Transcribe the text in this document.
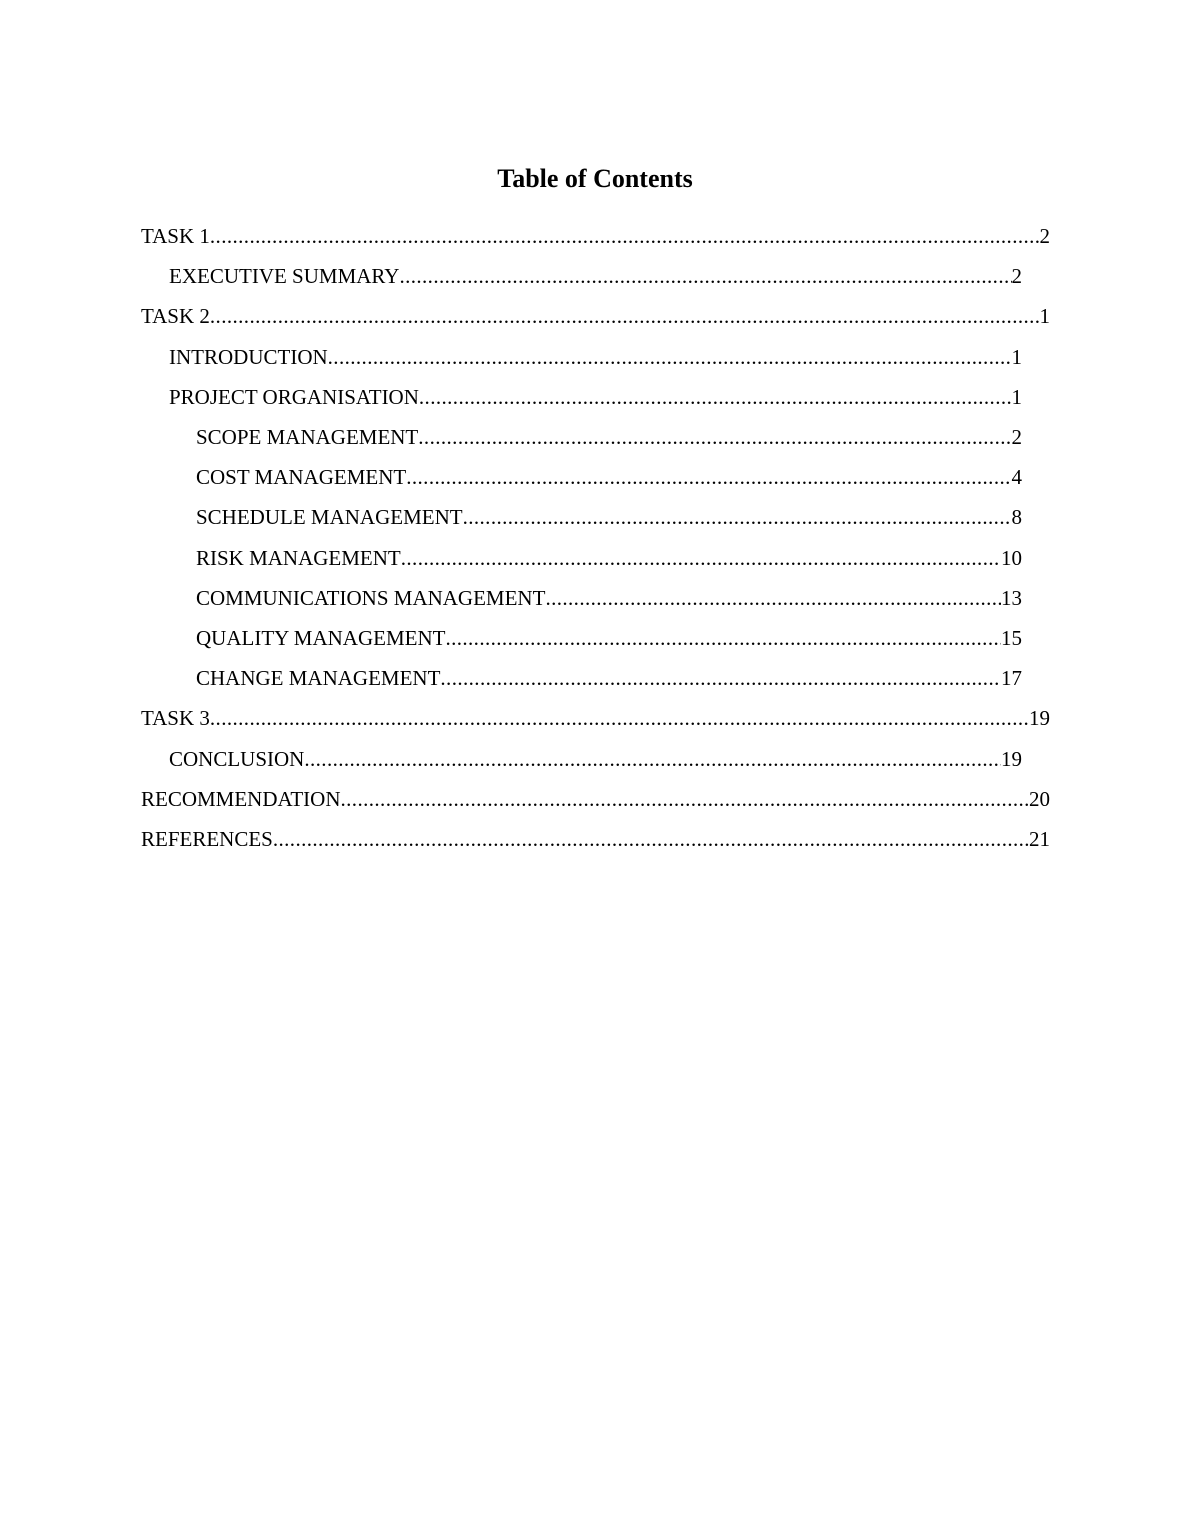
Table of Contents
TASK 1 .....	2
EXECUTIVE SUMMARY .....	2
TASK 2 .....	1
INTRODUCTION .....	1
PROJECT ORGANISATION .....	1
SCOPE MANAGEMENT .....	2
COST MANAGEMENT .....	4
SCHEDULE MANAGEMENT .....	8
RISK MANAGEMENT .....	10
COMMUNICATIONS MANAGEMENT .....	13
QUALITY MANAGEMENT .....	15
CHANGE MANAGEMENT .....	17
TASK 3 .....	19
CONCLUSION .....	19
RECOMMENDATION .....	20
REFERENCES .....	21
